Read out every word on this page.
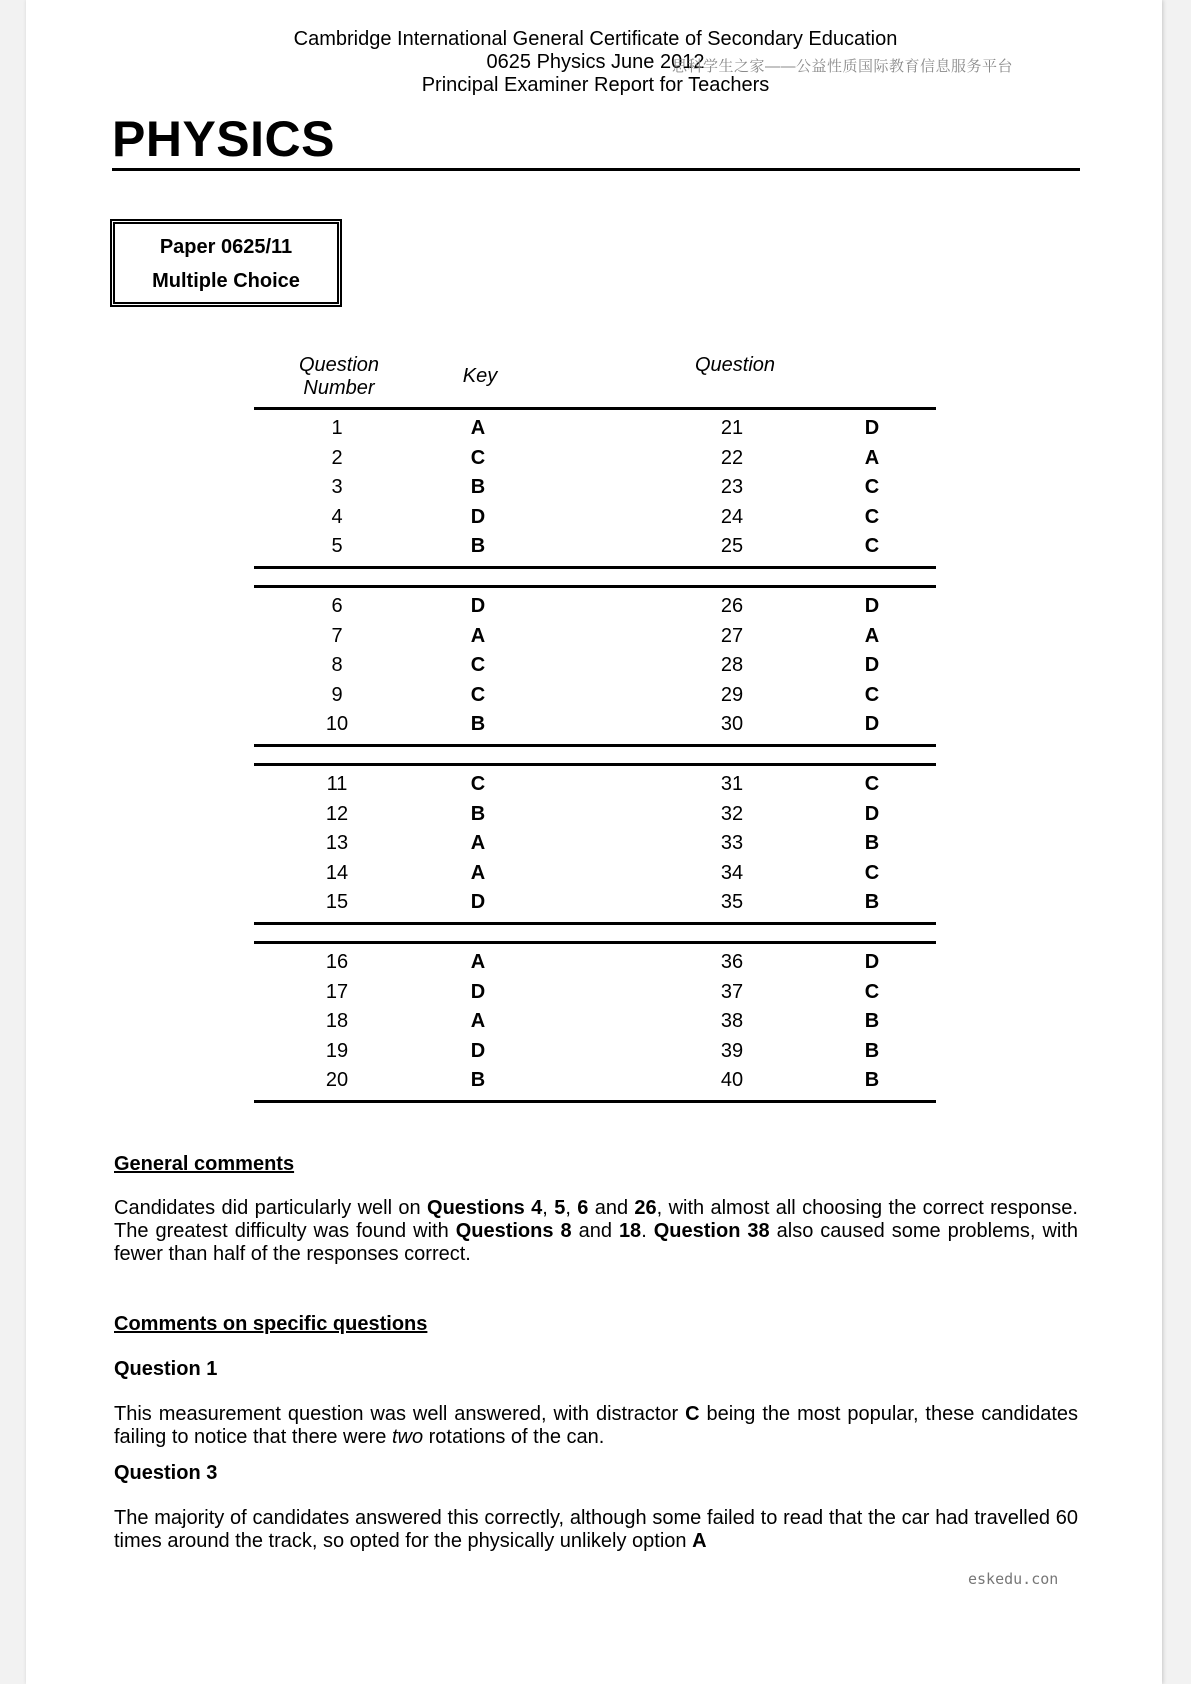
Cambridge International General Certificate of Secondary Education
0625 Physics June 2012
Principal Examiner Report for Teachers
思科学生之家——公益性质国际教育信息服务平台
PHYSICS
Paper 0625/11
Multiple Choice
Question
Number
Key	Question
1	A	21	D
2	C	22	A
3	B	23	C
4	D	24	C
5	B	25	C
6	D	26	D
7	A	27	A
8	C	28	D
9	C	29	C
10	B	30	D
11	C	31	C
12	B	32	D
13	A	33	B
14	A	34	C
15	D	35	B
16	A	36	D
17	D	37	C
18	A	38	B
19	D	39	B
20	B	40	B
General comments
Candidates did particularly well on Questions 4, 5, 6 and 26, with almost all choosing the correct response. The greatest difficulty was found with Questions 8 and 18. Question 38 also caused some problems, with fewer than half of the responses correct.
Comments on specific questions
Question 1
This measurement question was well answered, with distractor C being the most popular, these candidates failing to notice that there were two rotations of the can.
Question 3
The majority of candidates answered this correctly, although some failed to read that the car had travelled 60 times around the track, so opted for the physically unlikely option A
eskedu.con
